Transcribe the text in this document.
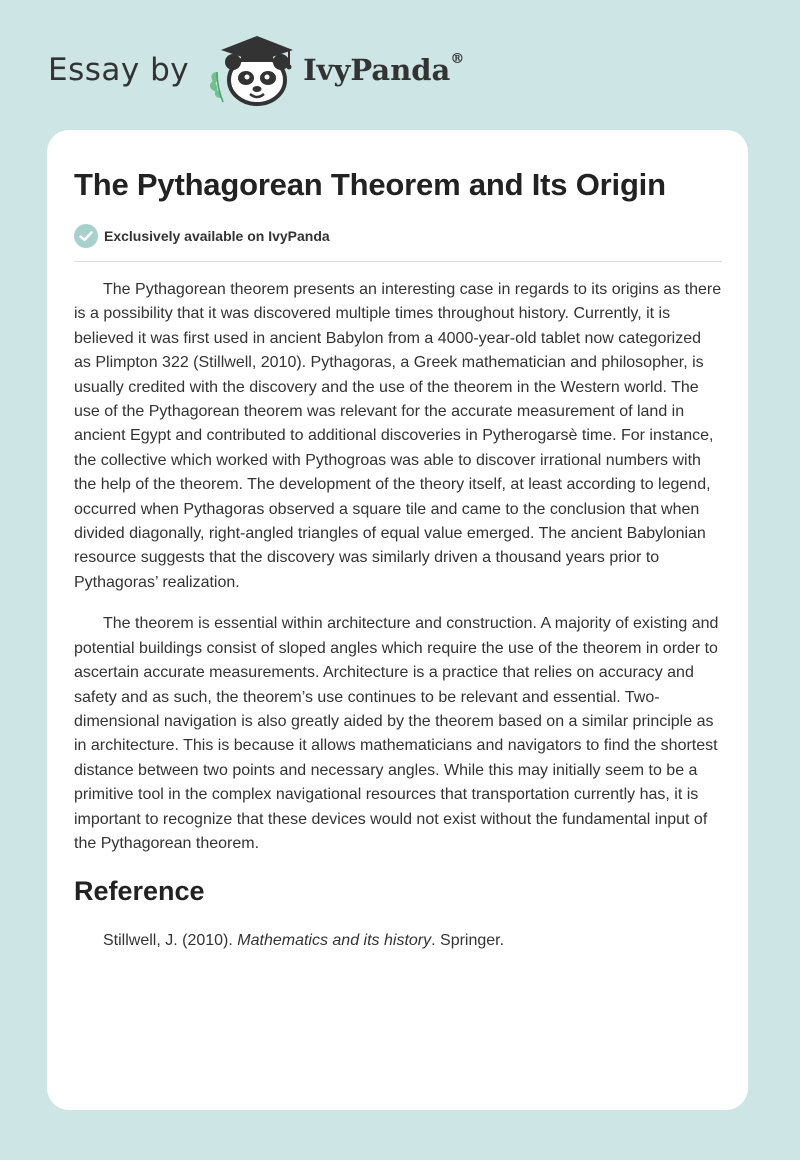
Essay by	IvyPanda®
The Pythagorean Theorem and Its Origin
Exclusively available on IvyPanda

The Pythagorean theorem presents an interesting case in regards to its origins as there is a possibility that it was discovered multiple times throughout history. Currently, it is believed it was first used in ancient Babylon from a 4000-year-old tablet now categorized as Plimpton 322 (Stillwell, 2010). Pythagoras, a Greek mathematician and philosopher, is usually credited with the discovery and the use of the theorem in the Western world. The use of the Pythagorean theorem was relevant for the accurate measurement of land in ancient Egypt and contributed to additional discoveries in Pytherogarsè time. For instance, the collective which worked with Pythogroas was able to discover irrational numbers with the help of the theorem. The development of the theory itself, at least according to legend, occurred when Pythagoras observed a square tile and came to the conclusion that when divided diagonally, right-angled triangles of equal value emerged. The ancient Babylonian resource suggests that the discovery was similarly driven a thousand years prior to Pythagoras’ realization.

The theorem is essential within architecture and construction. A majority of existing and potential buildings consist of sloped angles which require the use of the theorem in order to ascertain accurate measurements. Architecture is a practice that relies on accuracy and safety and as such, the theorem’s use continues to be relevant and essential. Two-dimensional navigation is also greatly aided by the theorem based on a similar principle as in architecture. This is because it allows mathematicians and navigators to find the shortest distance between two points and necessary angles. While this may initially seem to be a primitive tool in the complex navigational resources that transportation currently has, it is important to recognize that these devices would not exist without the fundamental input of the Pythagorean theorem.

Reference

Stillwell, J. (2010). Mathematics and its history. Springer.
